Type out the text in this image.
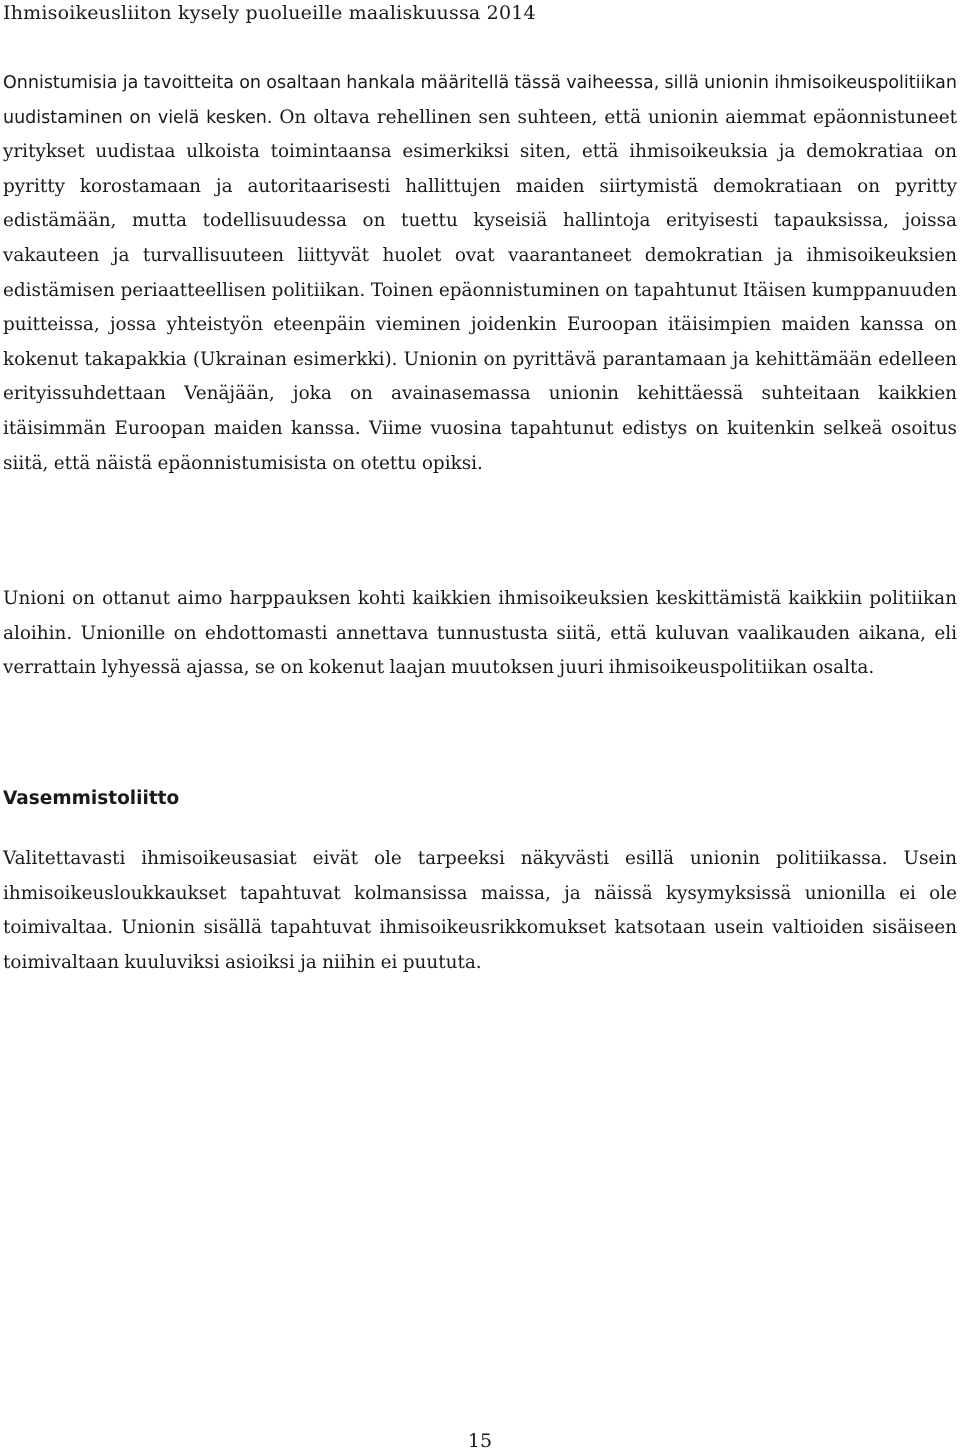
Ihmisoikeusliiton kysely puolueille maaliskuussa 2014

Onnistumisia ja tavoitteita on osaltaan hankala määritellä tässä vaiheessa, sillä unionin ihmisoikeuspolitiikan uudistaminen on vielä kesken. On oltava rehellinen sen suhteen, että unionin aiemmat epäonnistuneet yritykset uudistaa ulkoista toimintaansa esimerkiksi siten, että ihmisoikeuksia ja demokratiaa on pyritty korostamaan ja autoritaarisesti hallittujen maiden siirtymistä demokratiaan on pyritty edistämään, mutta todellisuudessa on tuettu kyseisiä hallintoja erityisesti tapauksissa, joissa vakauteen ja turvallisuuteen liittyvät huolet ovat vaarantaneet demokratian ja ihmisoikeuksien edistämisen periaatteellisen politiikan. Toinen epäonnistuminen on tapahtunut Itäisen kumppanuuden puitteissa, jossa yhteistyön eteenpäin vieminen joidenkin Euroopan itäisimpien maiden kanssa on kokenut takapakkia (Ukrainan esimerkki). Unionin on pyrittävä parantamaan ja kehittämään edelleen erityissuhdettaan Venäjään, joka on avainasemassa unionin kehittäessä suhteitaan kaikkien itäisimmän Euroopan maiden kanssa. Viime vuosina tapahtunut edistys on kuitenkin selkeä osoitus siitä, että näistä epäonnistumisista on otettu opiksi.

Unioni on ottanut aimo harppauksen kohti kaikkien ihmisoikeuksien keskittämistä kaikkiin politiikan aloihin. Unionille on ehdottomasti annettava tunnustusta siitä, että kuluvan vaalikauden aikana, eli verrattain lyhyessä ajassa, se on kokenut laajan muutoksen juuri ihmisoikeuspolitiikan osalta.

Vasemmistoliitto

Valitettavasti ihmisoikeusasiat eivät ole tarpeeksi näkyvästi esillä unionin politiikassa. Usein ihmisoikeusloukkaukset tapahtuvat kolmansissa maissa, ja näissä kysymyksissä unionilla ei ole toimivaltaa. Unionin sisällä tapahtuvat ihmisoikeusrikkomukset katsotaan usein valtioiden sisäiseen toimivaltaan kuuluviksi asioiksi ja niihin ei puututa.

15
